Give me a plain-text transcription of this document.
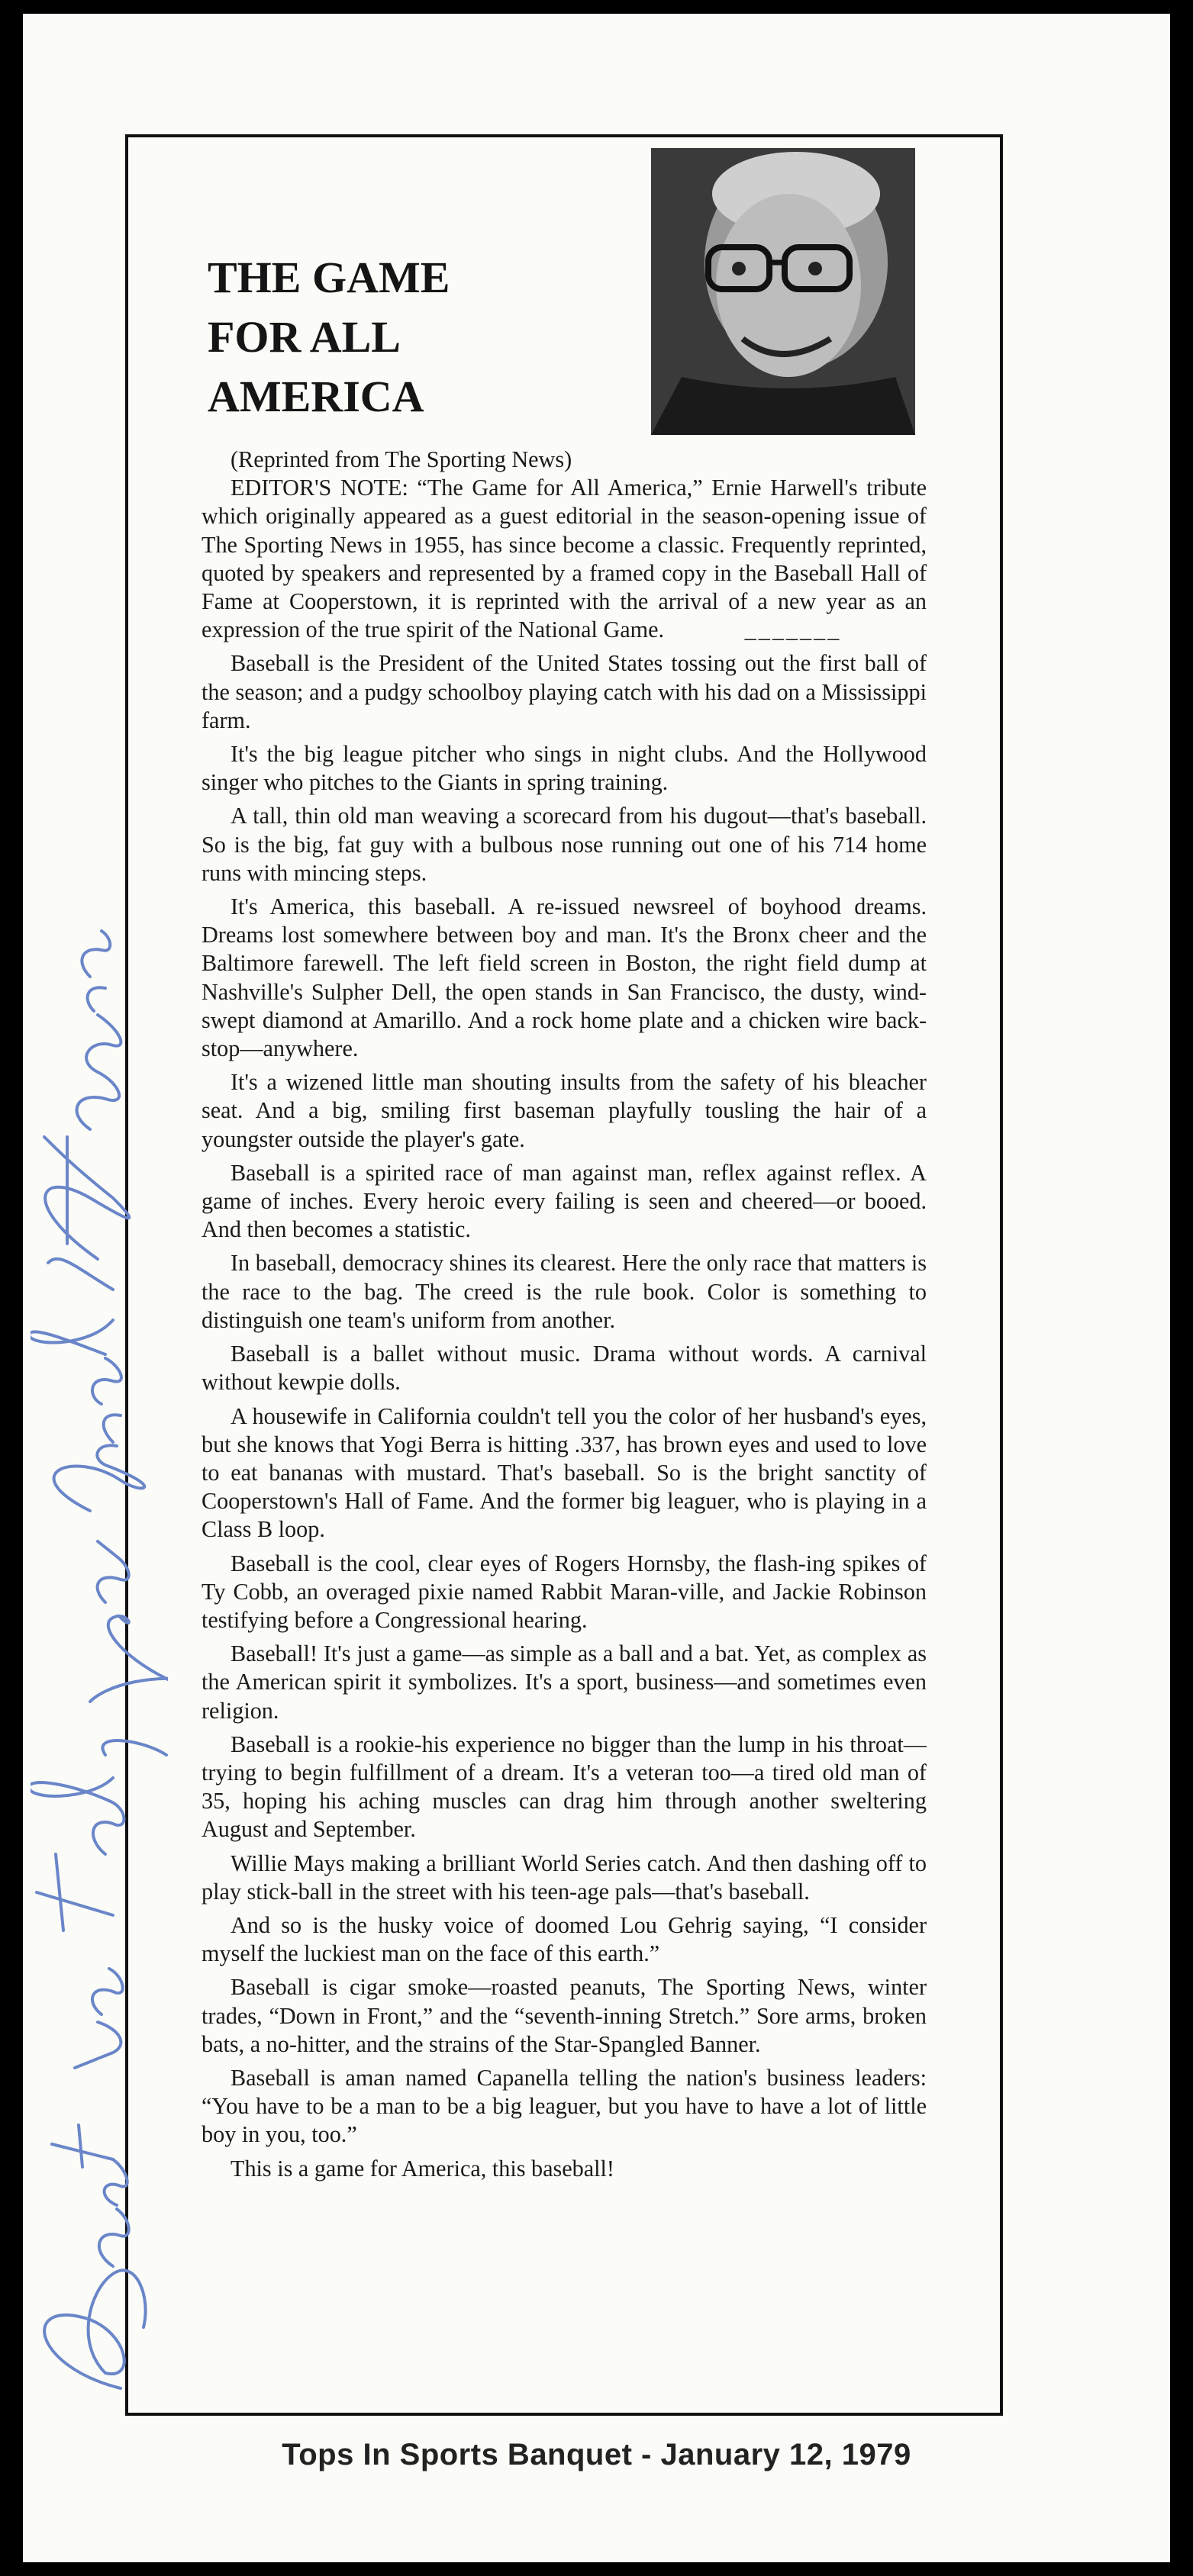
THE GAME
FOR ALL
AMERICA

(Reprinted from The Sporting News)

EDITOR'S NOTE: “The Game for All America,” Ernie Harwell's tribute which originally appeared as a guest editorial in the season-opening issue of The Sporting News in 1955, has since become a classic. Frequently reprinted, quoted by speakers and represented by a framed copy in the Baseball Hall of Fame at Cooperstown, it is reprinted with the arrival of a new year as an expression of the true spirit of the National Game.	_______

Baseball is the President of the United States tossing out the first ball of the season; and a pudgy schoolboy playing catch with his dad on a Mississippi farm.

It's the big league pitcher who sings in night clubs. And the Hollywood singer who pitches to the Giants in spring training.

A tall, thin old man weaving a scorecard from his dugout—that's baseball. So is the big, fat guy with a bulbous nose running out one of his 714 home runs with mincing steps.

It's America, this baseball. A re-issued newsreel of boyhood dreams. Dreams lost somewhere between boy and man. It's the Bronx cheer and the Baltimore farewell. The left field screen in Boston, the right field dump at Nashville's Sulpher Dell, the open stands in San Francisco, the dusty, wind-swept diamond at Amarillo. And a rock home plate and a chicken wire back-stop—anywhere.

It's a wizened little man shouting insults from the safety of his bleacher seat. And a big, smiling first baseman playfully tousling the hair of a youngster outside the player's gate.

Baseball is a spirited race of man against man, reflex against reflex. A game of inches. Every heroic every failing is seen and cheered—or booed. And then becomes a statistic.

In baseball, democracy shines its clearest. Here the only race that matters is the race to the bag. The creed is the rule book. Color is something to distinguish one team's uniform from another.

Baseball is a ballet without music. Drama without words. A carnival without kewpie dolls.

A housewife in California couldn't tell you the color of her husband's eyes, but she knows that Yogi Berra is hitting .337, has brown eyes and used to love to eat bananas with mustard. That's baseball. So is the bright sanctity of Cooperstown's Hall of Fame. And the former big leaguer, who is playing in a Class B loop.

Baseball is the cool, clear eyes of Rogers Hornsby, the flash-ing spikes of Ty Cobb, an overaged pixie named Rabbit Maran-ville, and Jackie Robinson testifying before a Congressional hearing.

Baseball! It's just a game—as simple as a ball and a bat. Yet, as complex as the American spirit it symbolizes. It's a sport, business—and sometimes even religion.

Baseball is a rookie-his experience no bigger than the lump in his throat—trying to begin fulfillment of a dream. It's a veteran too—a tired old man of 35, hoping his aching muscles can drag him through another sweltering August and September.

Willie Mays making a brilliant World Series catch. And then dashing off to play stick-ball in the street with his teen-age pals—that's baseball.

And so is the husky voice of doomed Lou Gehrig saying, “I consider myself the luckiest man on the face of this earth.”

Baseball is cigar smoke—roasted peanuts, The Sporting News, winter trades, “Down in Front,” and the “seventh-inning Stretch.” Sore arms, broken bats, a no-hitter, and the strains of the Star-Spangled Banner.

Baseball is aman named Capanella telling the nation's business leaders: “You have to be a man to be a big leaguer, but you have to have a lot of little boy in you, too.”

This is a game for America, this baseball!

Tops In Sports Banquet - January 12, 1979
